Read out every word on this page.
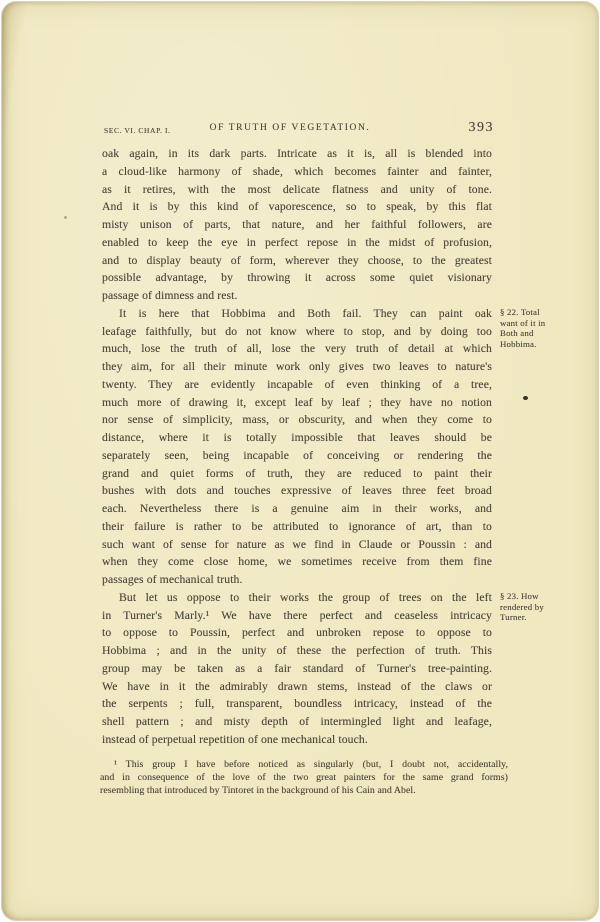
SEC. VI. CHAP. I.	OF TRUTH OF VEGETATION.	393
oak again, in its dark parts. Intricate as it is, all is blended into
a cloud-like harmony of shade, which becomes fainter and fainter,
as it retires, with the most delicate flatness and unity of tone.
And it is by this kind of vaporescence, so to speak, by this flat
misty unison of parts, that nature, and her faithful followers, are
enabled to keep the eye in perfect repose in the midst of profusion,
and to display beauty of form, wherever they choose, to the greatest
possible advantage, by throwing it across some quiet visionary
passage of dimness and rest.
It is here that Hobbima and Both fail. They can paint oak
leafage faithfully, but do not know where to stop, and by doing too
much, lose the truth of all, lose the very truth of detail at which
they aim, for all their minute work only gives two leaves to nature's
twenty. They are evidently incapable of even thinking of a tree,
much more of drawing it, except leaf by leaf ; they have no notion
nor sense of simplicity, mass, or obscurity, and when they come to
distance, where it is totally impossible that leaves should be
separately seen, being incapable of conceiving or rendering the
grand and quiet forms of truth, they are reduced to paint their
bushes with dots and touches expressive of leaves three feet broad
each. Nevertheless there is a genuine aim in their works, and
their failure is rather to be attributed to ignorance of art, than to
such want of sense for nature as we find in Claude or Poussin : and
when they come close home, we sometimes receive from them fine
passages of mechanical truth.
But let us oppose to their works the group of trees on the left
in Turner's Marly.¹ We have there perfect and ceaseless intricacy
to oppose to Poussin, perfect and unbroken repose to oppose to
Hobbima ; and in the unity of these the perfection of truth. This
group may be taken as a fair standard of Turner's tree-painting.
We have in it the admirably drawn stems, instead of the claws or
the serpents ; full, transparent, boundless intricacy, instead of the
shell pattern ; and misty depth of intermingled light and leafage,
instead of perpetual repetition of one mechanical touch.
§ 22. Total
want of it in
Both and
Hobbima.
§ 23. How
rendered by
Turner.
¹ This group I have before noticed as singularly (but, I doubt not, accidentally,
and in consequence of the love of the two great painters for the same grand forms)
resembling that introduced by Tintoret in the background of his Cain and Abel.
